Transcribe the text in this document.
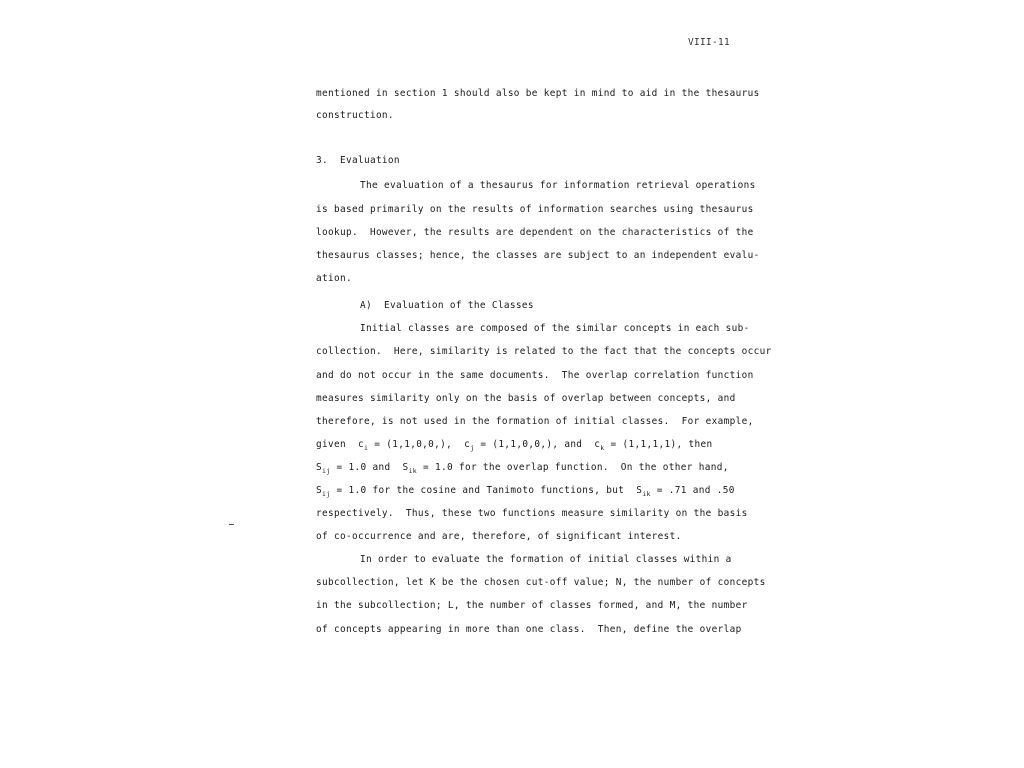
VIII-11
mentioned in section 1 should also be kept in mind to aid in the thesaurus
construction.
3.  Evaluation
The evaluation of a thesaurus for information retrieval operations
is based primarily on the results of information searches using thesaurus
lookup.  However, the results are dependent on the characteristics of the
thesaurus classes; hence, the classes are subject to an independent evalu-
ation.
A)  Evaluation of the Classes
Initial classes are composed of the similar concepts in each sub-
collection.  Here, similarity is related to the fact that the concepts occur
and do not occur in the same documents.  The overlap correlation function
measures similarity only on the basis of overlap between concepts, and
therefore, is not used in the formation of initial classes.  For example,
given  $c_i = (1,1,0,0,)$,  $c_j = (1,1,0,0,)$, and  $c_k = (1,1,1,1)$, then
$S_{ij} = 1.0$ and  $S_{ik} = 1.0$ for the overlap function.  On the other hand,
$S_{ij} = 1.0$ for the cosine and Tanimoto functions, but  $S_{ik} = .71$ and .50
respectively.  Thus, these two functions measure similarity on the basis
of co-occurrence and are, therefore, of significant interest.
In order to evaluate the formation of initial classes within a
subcollection, let K be the chosen cut-off value; N, the number of concepts
in the subcollection; L, the number of classes formed, and M, the number
of concepts appearing in more than one class.  Then, define the overlap
